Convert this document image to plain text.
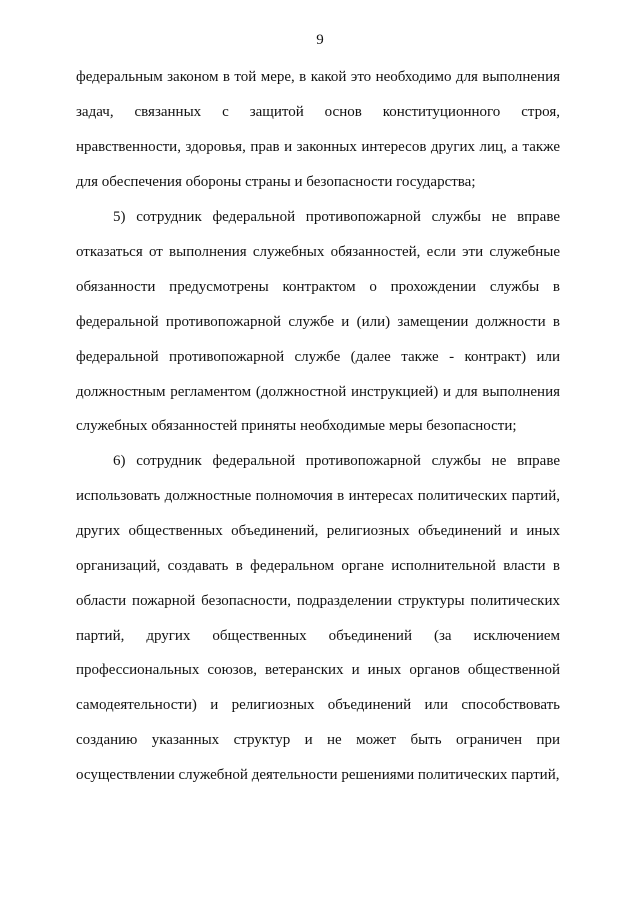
9
федеральным законом в той мере, в какой это необходимо для выполнения
задач, связанных с защитой основ конституционного строя,
нравственности, здоровья, прав и законных интересов других лиц, а также
для обеспечения обороны страны и безопасности государства;
5) сотрудник федеральной противопожарной службы не вправе
отказаться от выполнения служебных обязанностей, если эти служебные
обязанности предусмотрены контрактом о прохождении службы в
федеральной противопожарной службе и (или) замещении должности в
федеральной противопожарной службе (далее также - контракт) или
должностным регламентом (должностной инструкцией) и для выполнения
служебных обязанностей приняты необходимые меры безопасности;
6) сотрудник федеральной противопожарной службы не вправе
использовать должностные полномочия в интересах политических партий,
других общественных объединений, религиозных объединений и иных
организаций, создавать в федеральном органе исполнительной власти в
области пожарной безопасности, подразделении структуры политических
партий, других общественных объединений (за исключением
профессиональных союзов, ветеранских и иных органов общественной
самодеятельности) и религиозных объединений или способствовать
созданию указанных структур и не может быть ограничен при
осуществлении служебной деятельности решениями политических партий,
